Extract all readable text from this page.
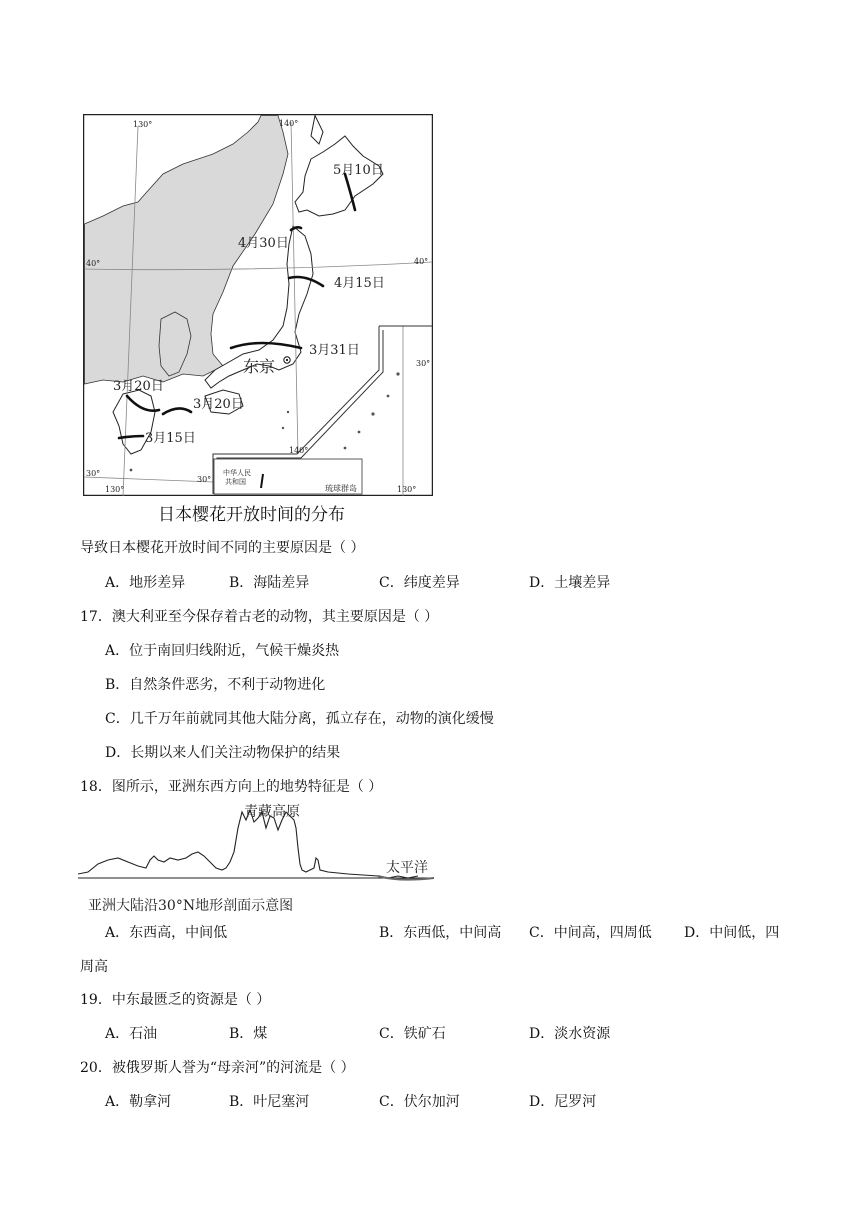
130°	140°
40°	40°
30°
30°
30°
130°
140°
130°
5月10日
4月30日
4月15日
3月31日
东京
3月20日
3月20日
3月15日
中华人民
共和国
琉球群岛
日本樱花开放时间的分布
导致日本樱花开放时间不同的主要原因是（ ）
A．地形差异	B．海陆差异	C．纬度差异	D．土壤差异
17．澳大利亚至今保存着古老的动物，其主要原因是（ ）
A．位于南回归线附近，气候干燥炎热
B．自然条件恶劣，不利于动物进化
C．几千万年前就同其他大陆分离，孤立存在，动物的演化缓慢
D．长期以来人们关注动物保护的结果
18．图所示，亚洲东西方向上的地势特征是（ ）
青藏高原
太平洋
亚洲大陆沿30°N地形剖面示意图
A．东西高，中间低	B．东西低，中间高 C．中间高，四周低 D．中间低，四
周高
19．中东最匮乏的资源是（ ）
A．石油	B．煤	C．铁矿石	D．淡水资源
20．被俄罗斯人誉为“母亲河”的河流是（ ）
A．勒拿河	B．叶尼塞河	C．伏尔加河	D．尼罗河
